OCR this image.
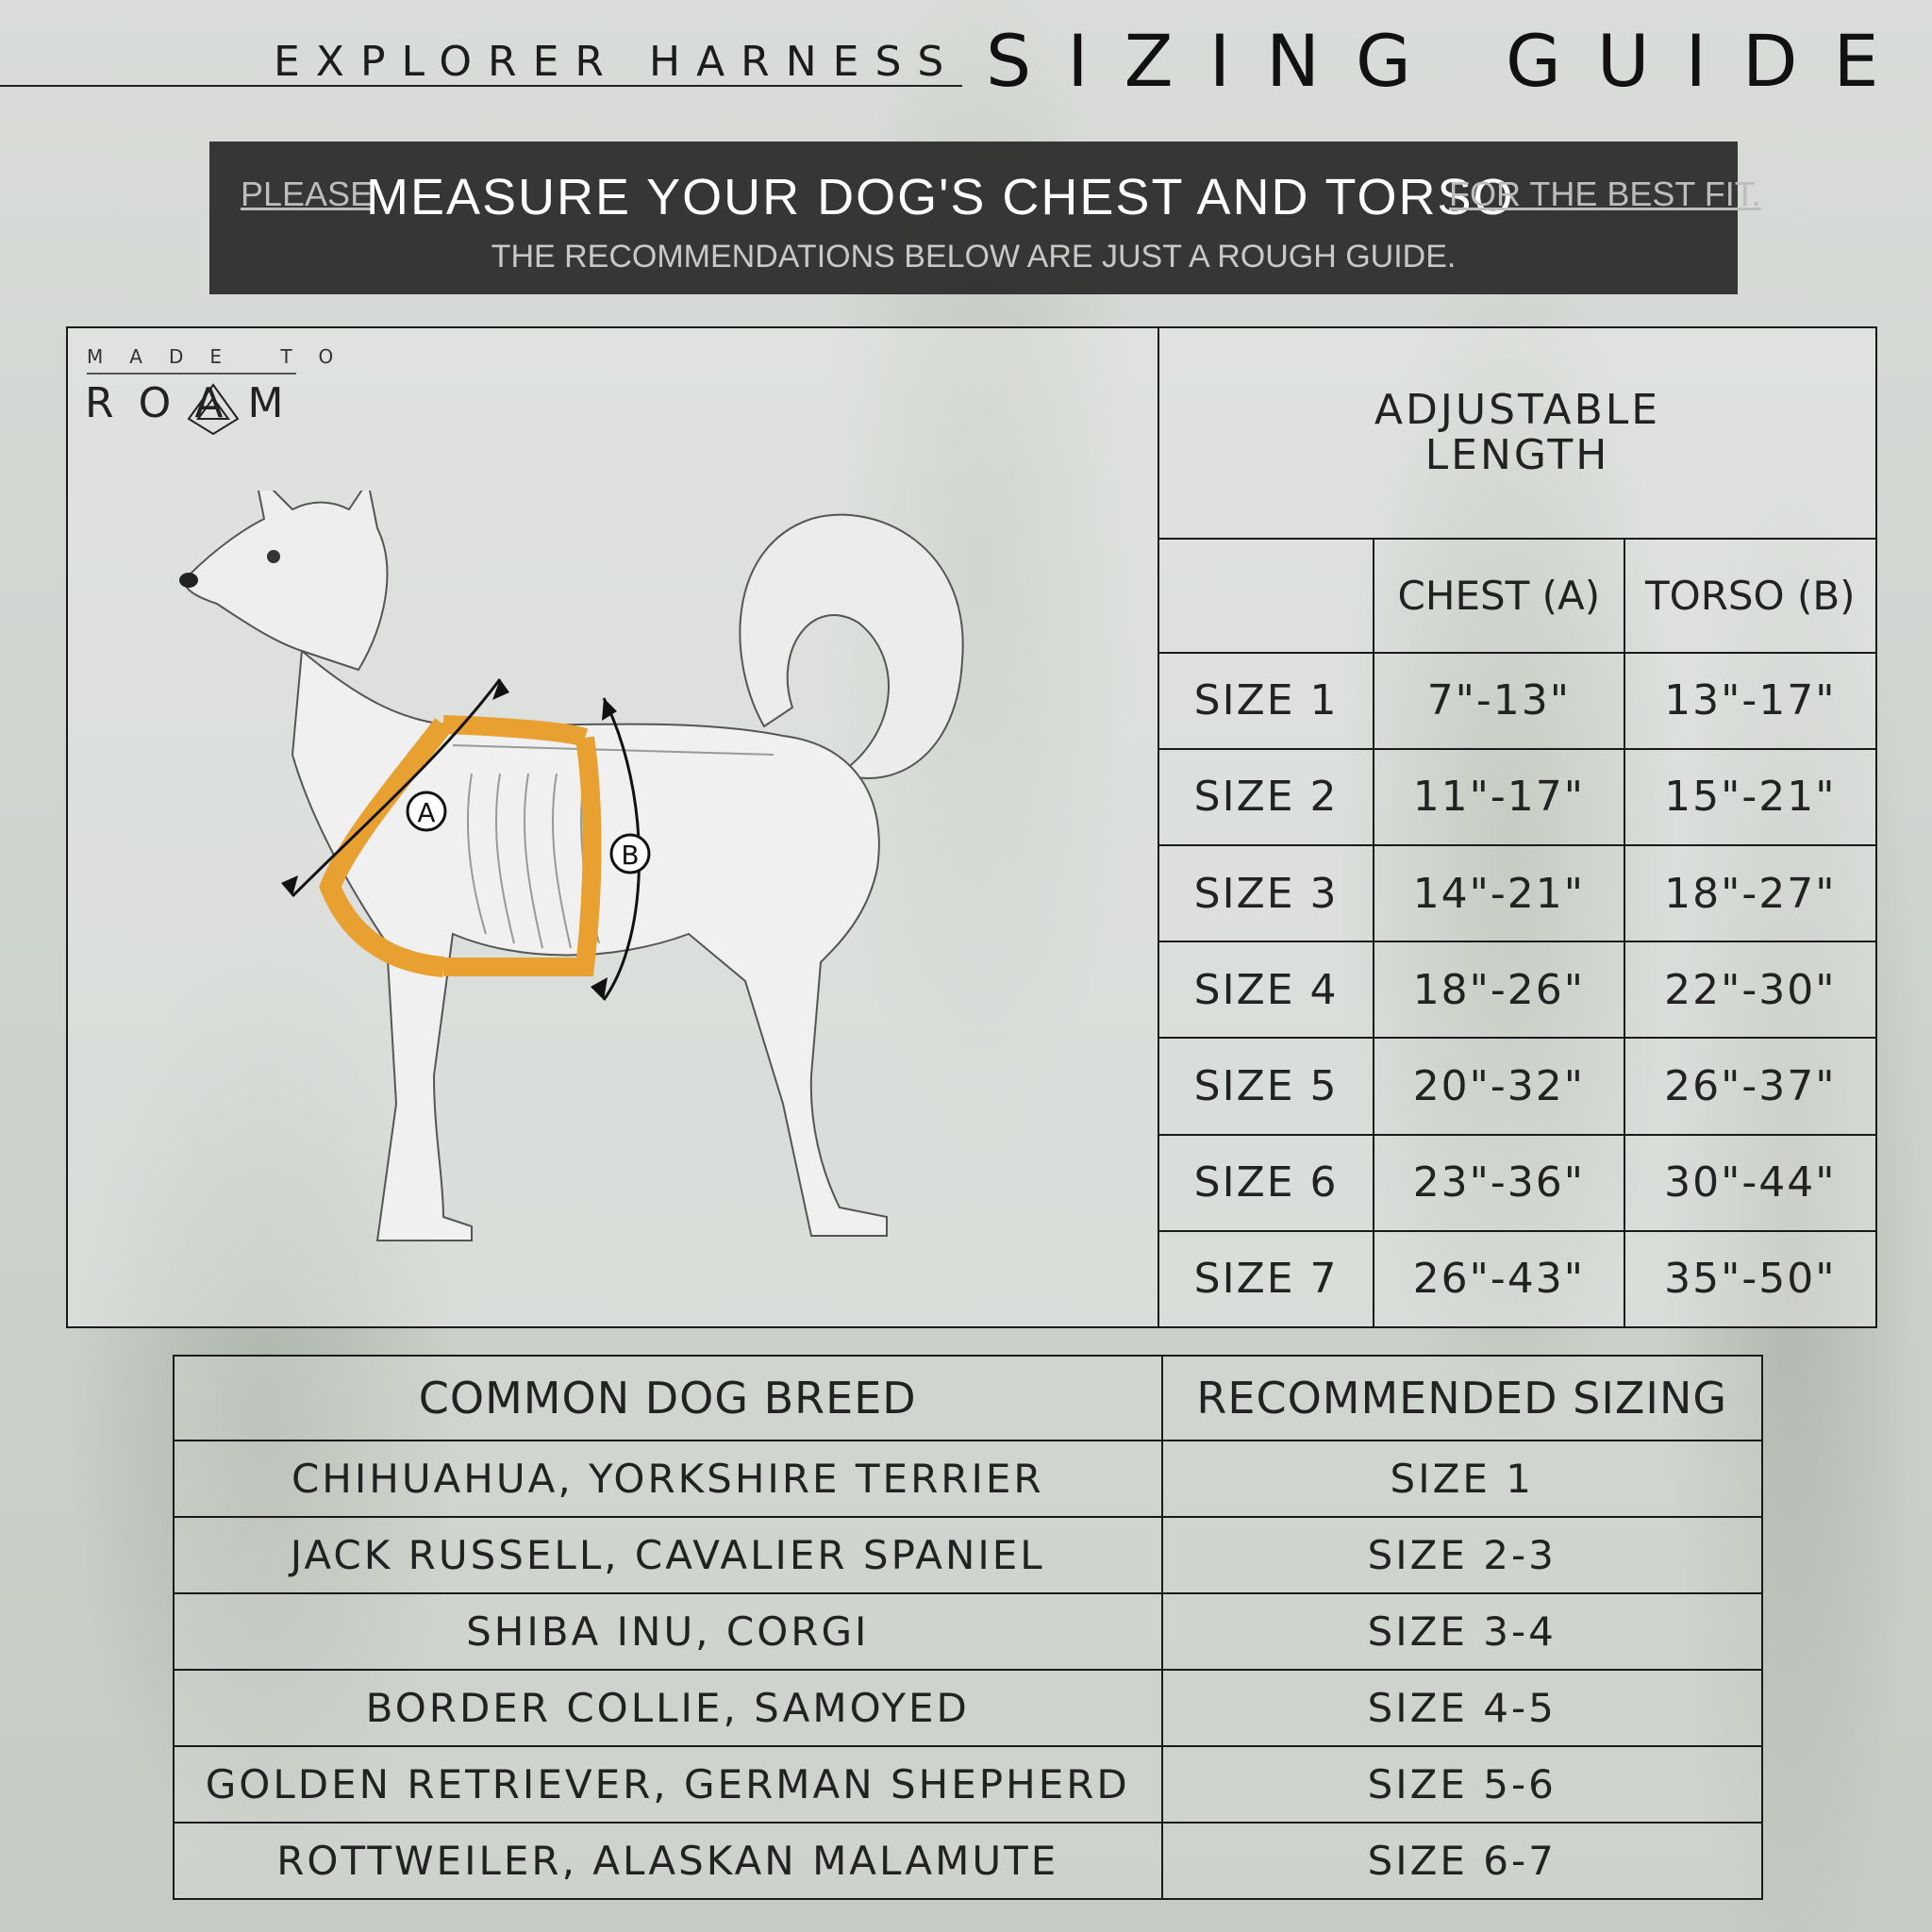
EXPLORER HARNESS SIZING GUIDE
PLEASE
MEASURE YOUR DOG'S CHEST AND TORSO
FOR THE BEST FIT.
THE RECOMMENDATIONS BELOW ARE JUST A ROUGH GUIDE.
MADE TO
ROAM
A
B
ADJUSTABLE LENGTH		

	CHEST (A)	TORSO (B)
SIZE 1	7"-13"	13"-17"
SIZE 2	11"-17"	15"-21"
SIZE 3	14"-21"	18"-27"
SIZE 4	18"-26"	22"-30"
SIZE 5	20"-32"	26"-37"
SIZE 6	23"-36"	30"-44"
SIZE 7	26"-43"	35"-50"
COMMON DOG BREED	RECOMMENDED SIZING
CHIHUAHUA, YORKSHIRE TERRIER	SIZE 1
JACK RUSSELL, CAVALIER SPANIEL	SIZE 2-3
SHIBA INU, CORGI	SIZE 3-4
BORDER COLLIE, SAMOYED	SIZE 4-5
GOLDEN RETRIEVER, GERMAN SHEPHERD	SIZE 5-6
ROTTWEILER, ALASKAN MALAMUTE	SIZE 6-7
